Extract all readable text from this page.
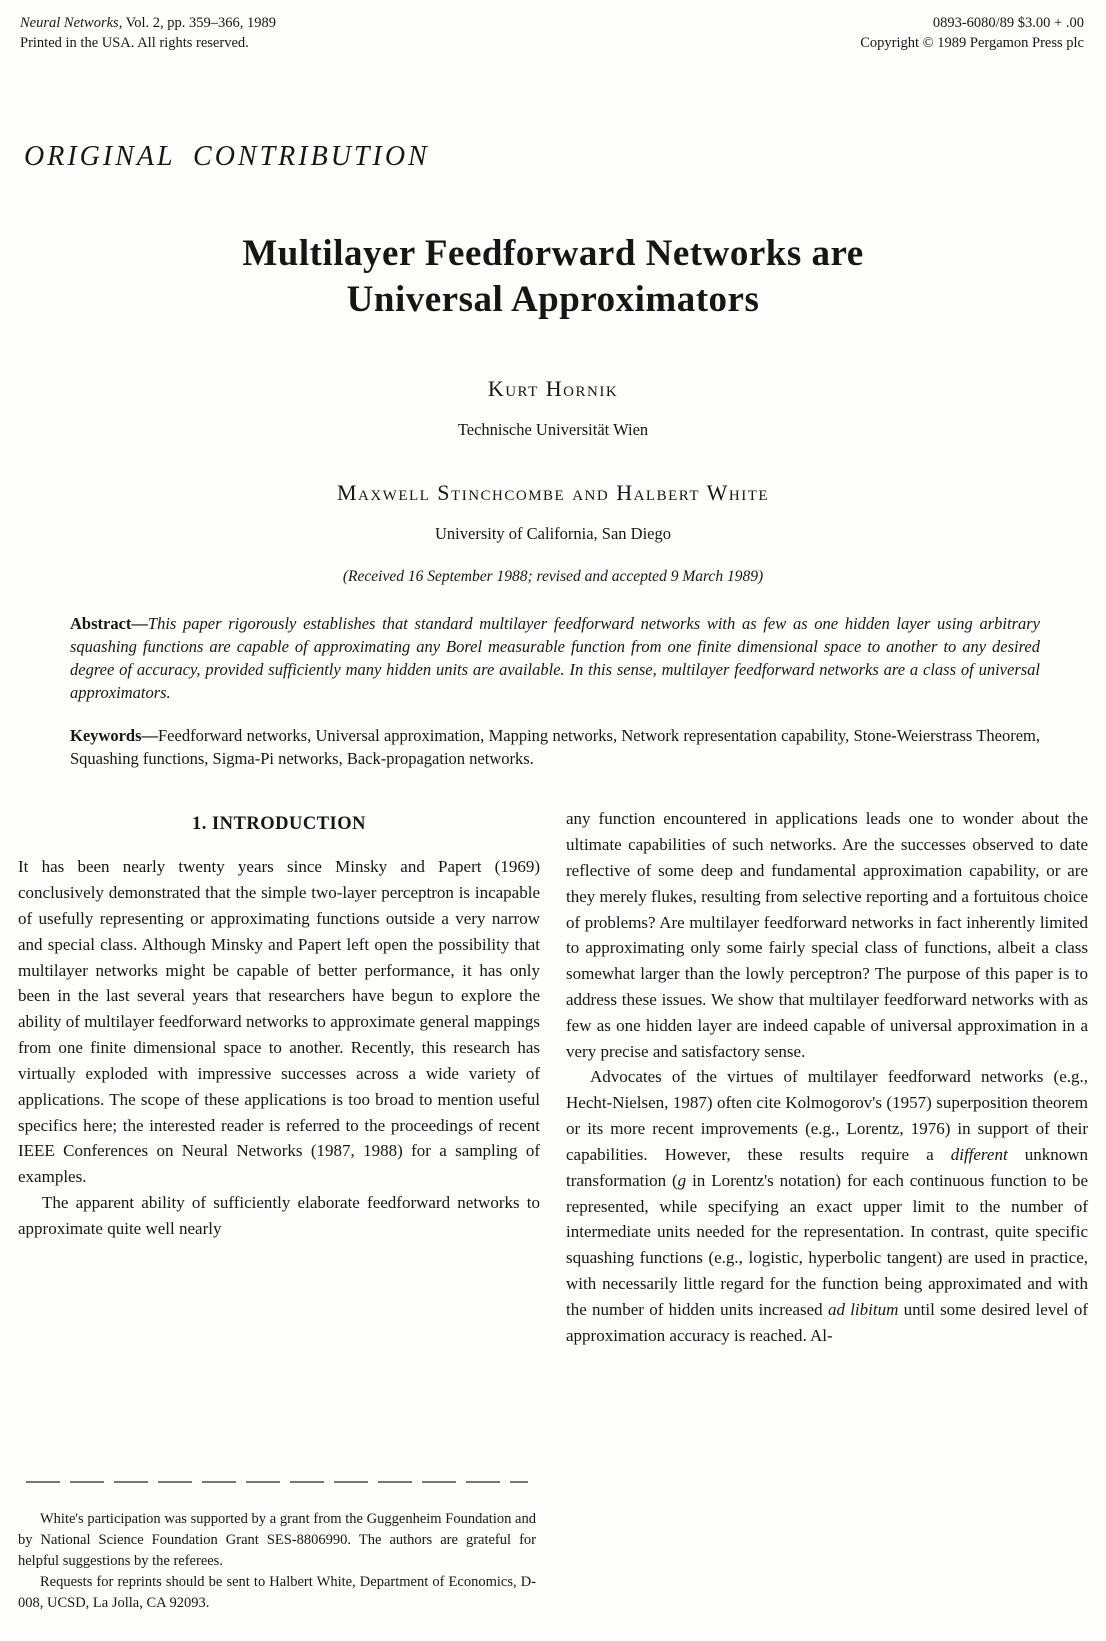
Neural Networks, Vol. 2, pp. 359–366, 1989
Printed in the USA. All rights reserved.
0893-6080/89 $3.00 + .00
Copyright © 1989 Pergamon Press plc
ORIGINAL CONTRIBUTION
Multilayer Feedforward Networks are
Universal Approximators
Kurt Hornik
Technische Universität Wien
Maxwell Stinchcombe and Halbert White
University of California, San Diego
(Received 16 September 1988; revised and accepted 9 March 1989)

Abstract—This paper rigorously establishes that standard multilayer feedforward networks with as few as one hidden layer using arbitrary squashing functions are capable of approximating any Borel measurable function from one finite dimensional space to another to any desired degree of accuracy, provided sufficiently many hidden units are available. In this sense, multilayer feedforward networks are a class of universal approximators.

Keywords—Feedforward networks, Universal approximation, Mapping networks, Network representation capability, Stone-Weierstrass Theorem, Squashing functions, Sigma-Pi networks, Back-propagation networks.

1. INTRODUCTION

It has been nearly twenty years since Minsky and Papert (1969) conclusively demonstrated that the simple two-layer perceptron is incapable of usefully representing or approximating functions outside a very narrow and special class. Although Minsky and Papert left open the possibility that multilayer networks might be capable of better performance, it has only been in the last several years that researchers have begun to explore the ability of multilayer feedforward networks to approximate general mappings from one finite dimensional space to another. Recently, this research has virtually exploded with impressive successes across a wide variety of applications. The scope of these applications is too broad to mention useful specifics here; the interested reader is referred to the proceedings of recent IEEE Conferences on Neural Networks (1987, 1988) for a sampling of examples.

The apparent ability of sufficiently elaborate feedforward networks to approximate quite well nearly

White's participation was supported by a grant from the Guggenheim Foundation and by National Science Foundation Grant SES-8806990. The authors are grateful for helpful suggestions by the referees.

Requests for reprints should be sent to Halbert White, Department of Economics, D-008, UCSD, La Jolla, CA 92093.

any function encountered in applications leads one to wonder about the ultimate capabilities of such networks. Are the successes observed to date reflective of some deep and fundamental approximation capability, or are they merely flukes, resulting from selective reporting and a fortuitous choice of problems? Are multilayer feedforward networks in fact inherently limited to approximating only some fairly special class of functions, albeit a class somewhat larger than the lowly perceptron? The purpose of this paper is to address these issues. We show that multilayer feedforward networks with as few as one hidden layer are indeed capable of universal approximation in a very precise and satisfactory sense.

Advocates of the virtues of multilayer feedforward networks (e.g., Hecht-Nielsen, 1987) often cite Kolmogorov's (1957) superposition theorem or its more recent improvements (e.g., Lorentz, 1976) in support of their capabilities. However, these results require a different unknown transformation (g in Lorentz's notation) for each continuous function to be represented, while specifying an exact upper limit to the number of intermediate units needed for the representation. In contrast, quite specific squashing functions (e.g., logistic, hyperbolic tangent) are used in practice, with necessarily little regard for the function being approximated and with the number of hidden units increased ad libitum until some desired level of approximation accuracy is reached. Al-
